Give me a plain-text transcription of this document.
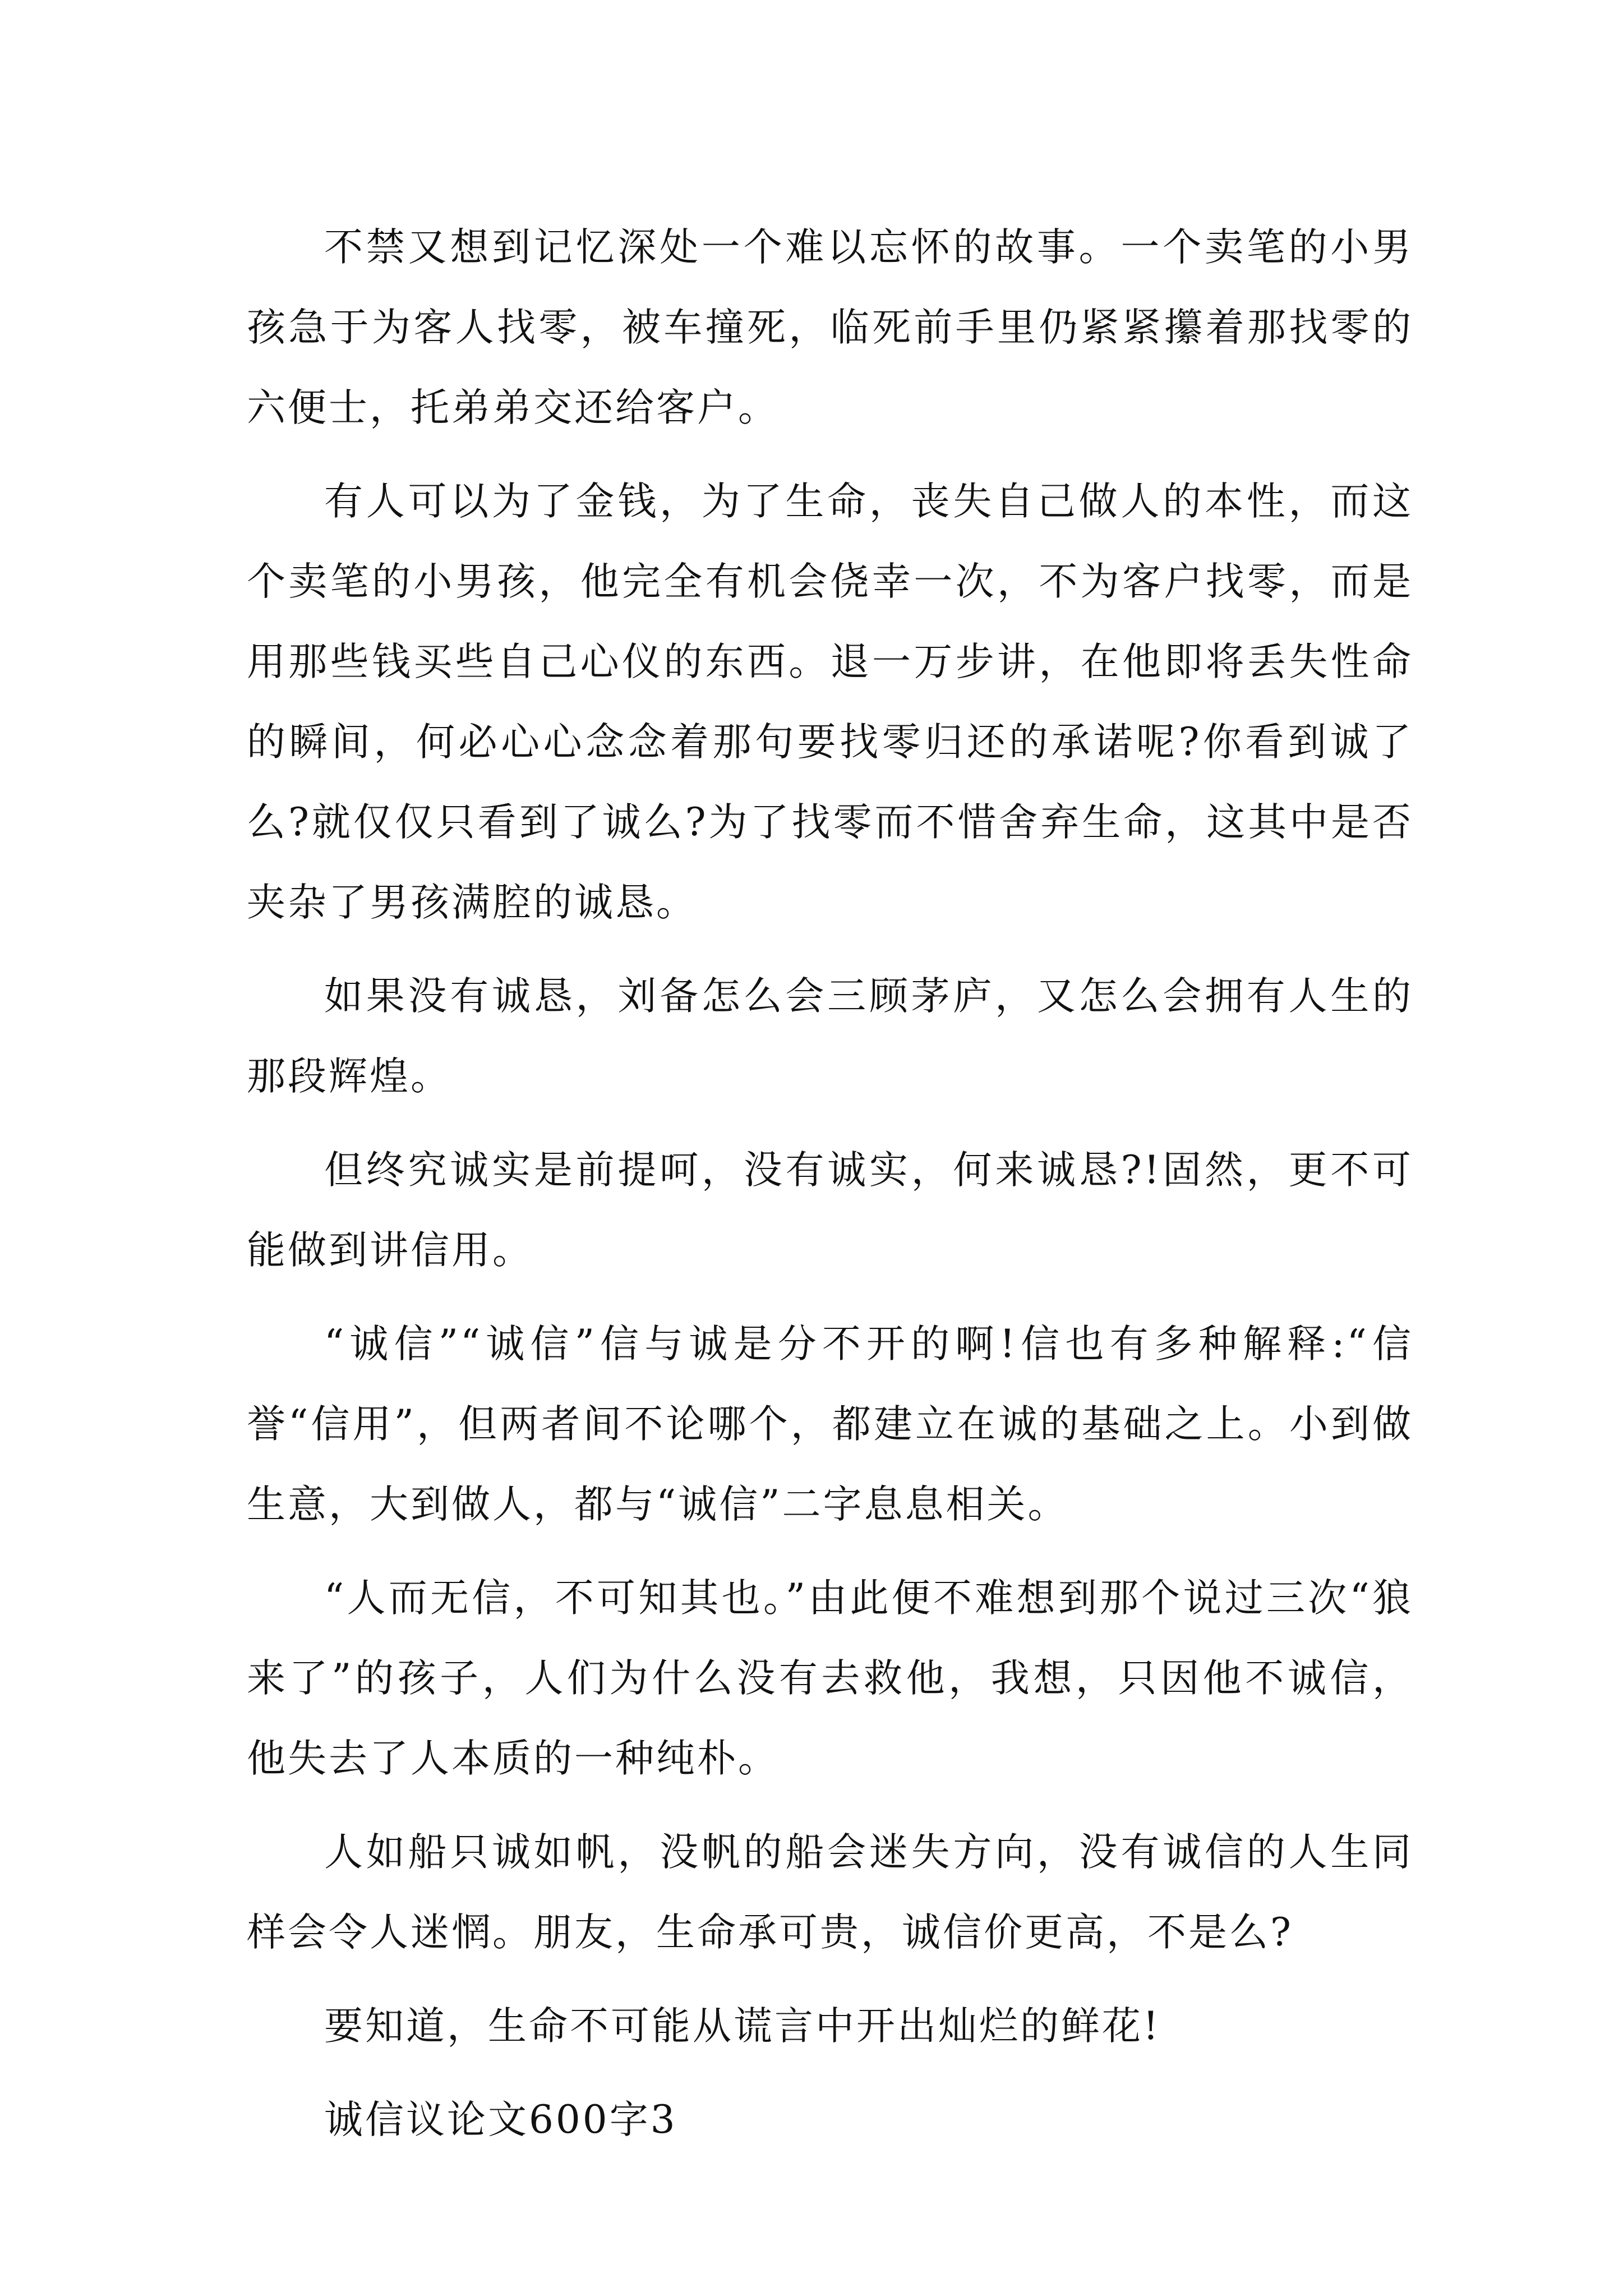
不禁又想到记忆深处一个难以忘怀的故事。一个卖笔的小男孩急于为客人找零，被车撞死，临死前手里仍紧紧攥着那找零的六便士，托弟弟交还给客户。

有人可以为了金钱，为了生命，丧失自己做人的本性，而这个卖笔的小男孩，他完全有机会侥幸一次，不为客户找零，而是用那些钱买些自己心仪的东西。退一万步讲，在他即将丢失性命的瞬间，何必心心念念着那句要找零归还的承诺呢?你看到诚了么?就仅仅只看到了诚么?为了找零而不惜舍弃生命，这其中是否夹杂了男孩满腔的诚恳。

如果没有诚恳，刘备怎么会三顾茅庐，又怎么会拥有人生的那段辉煌。

但终究诚实是前提呵，没有诚实，何来诚恳?!固然，更不可能做到讲信用。

“诚信”“诚信”信与诚是分不开的啊!信也有多种解释:“信誉“信用”，但两者间不论哪个，都建立在诚的基础之上。小到做生意，大到做人，都与“诚信”二字息息相关。

“人而无信，不可知其也。”由此便不难想到那个说过三次“狼来了”的孩子，人们为什么没有去救他，我想，只因他不诚信，他失去了人本质的一种纯朴。

人如船只诚如帆，没帆的船会迷失方向，没有诚信的人生同样会令人迷惘。朋友，生命承可贵，诚信价更高，不是么?

要知道，生命不可能从谎言中开出灿烂的鲜花!

诚信议论文600字3
